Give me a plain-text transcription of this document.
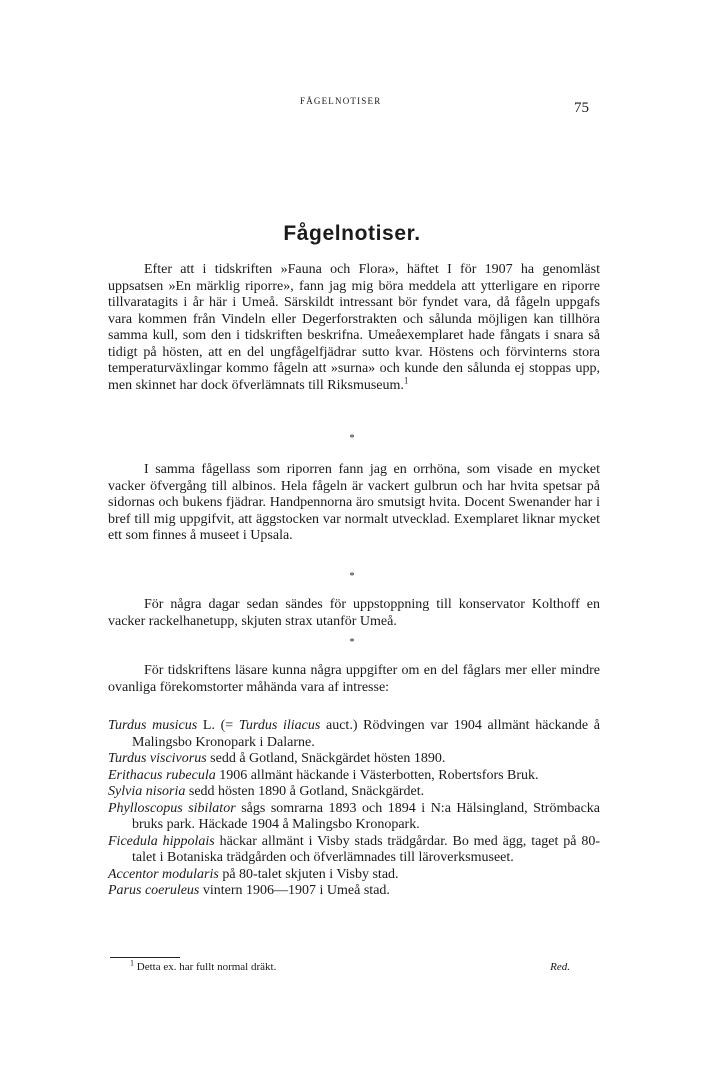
FÅGELNOTISER	75
Fågelnotiser.

Efter att i tidskriften »Fauna och Flora», häftet I för 1907 ha genomläst uppsatsen »En märklig riporre», fann jag mig böra meddela att ytterligare en riporre tillvaratagits i år här i Umeå. Särskildt intressant bör fyndet vara, då fågeln uppgafs vara kommen från Vindeln eller Degerforstrakten och sålunda möjligen kan tillhöra samma kull, som den i tidskriften beskrifna. Umeåexemplaret hade fångats i snara så tidigt på hösten, att en del ungfågelfjädrar sutto kvar. Höstens och förvinterns stora temperaturväxlingar kommo fågeln att »surna» och kunde den sålunda ej stoppas upp, men skinnet har dock öfverlämnats till Riksmuseum.$^1$

*

I samma fågellass som riporren fann jag en orrhöna, som visade en mycket vacker öfvergång till albinos. Hela fågeln är vackert gulbrun och har hvita spetsar på sidornas och bukens fjädrar. Handpennorna äro smutsigt hvita. Docent Swenander har i bref till mig uppgifvit, att äggstocken var normalt utvecklad. Exemplaret liknar mycket ett som finnes å museet i Upsala.

*

För några dagar sedan sändes för uppstoppning till konservator Kolthoff en vacker rackelhanetupp, skjuten strax utanför Umeå.

*

För tidskriftens läsare kunna några uppgifter om en del fåglars mer eller mindre ovanliga förekomstorter måhända vara af intresse:

Turdus musicus L. (= Turdus iliacus auct.) Rödvingen var 1904 allmänt häckande å Malingsbo Kronopark i Dalarne.
Turdus viscivorus sedd å Gotland, Snäckgärdet hösten 1890.
Erithacus rubecula 1906 allmänt häckande i Västerbotten, Robertsfors Bruk.
Sylvia nisoria sedd hösten 1890 å Gotland, Snäckgärdet.
Phylloscopus sibilator sågs somrarna 1893 och 1894 i N:a Hälsingland, Strömbacka bruks park. Häckade 1904 å Malingsbo Kronopark.
Ficedula hippolais häckar allmänt i Visby stads trädgårdar. Bo med ägg, taget på 80-talet i Botaniska trädgården och öfverlämnades till läroverksmuseet.
Accentor modularis på 80-talet skjuten i Visby stad.
Parus coeruleus vintern 1906—1907 i Umeå stad.
$^1$ Detta ex. har fullt normal dräkt.	Red.
